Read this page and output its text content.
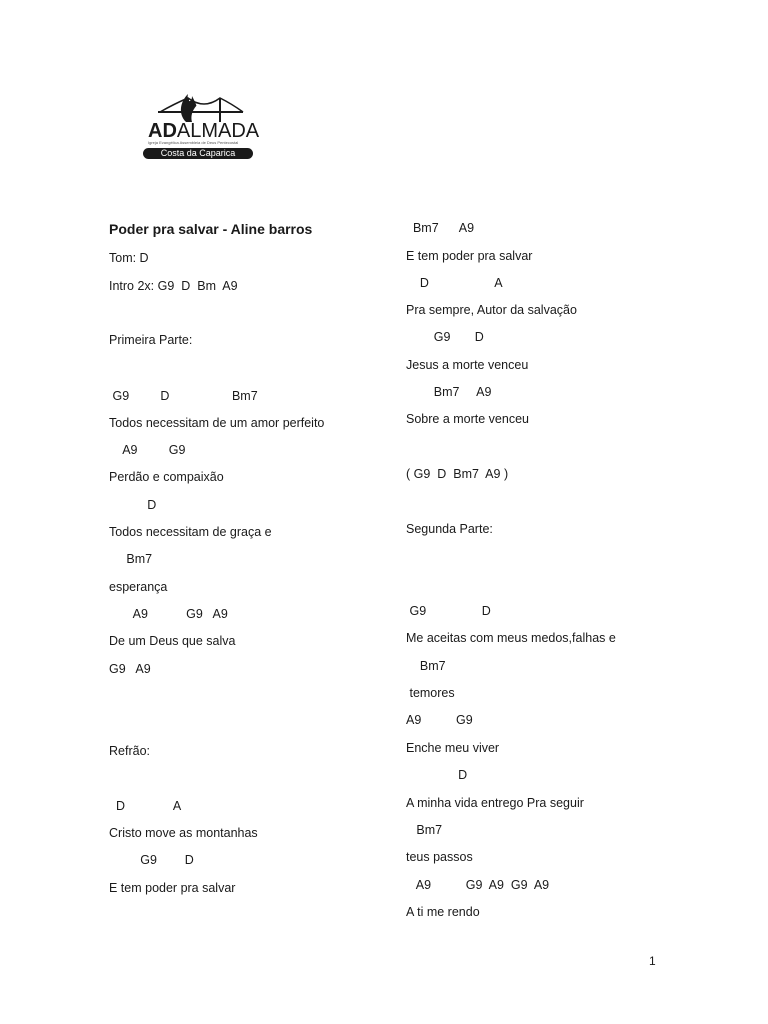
ADALMADA
Igreja Evangélica Assembleia de Deus Pentecostal
Costa da Caparica
Poder pra salvar - Aline barros
Tom: D
Intro 2x: G9  D  Bm  A9
Primeira Parte:
G9         D                  Bm7
Todos necessitam de um amor perfeito
A9         G9
Perdão e compaixão
D
Todos necessitam de graça e
Bm7
esperança
A9           G9   A9
De um Deus que salva
G9   A9
Refrão:
D              A
Cristo move as montanhas
G9        D
E tem poder pra salvar
Bm7      A9
E tem poder pra salvar
D                   A
Pra sempre, Autor da salvação
G9       D
Jesus a morte venceu
Bm7     A9
Sobre a morte venceu
( G9  D  Bm7  A9 )
Segunda Parte:
G9                D
Me aceitas com meus medos,falhas e
Bm7
temores
A9          G9
Enche meu viver
D
A minha vida entrego Pra seguir
Bm7
teus passos
A9          G9  A9  G9  A9
A ti me rendo
1
